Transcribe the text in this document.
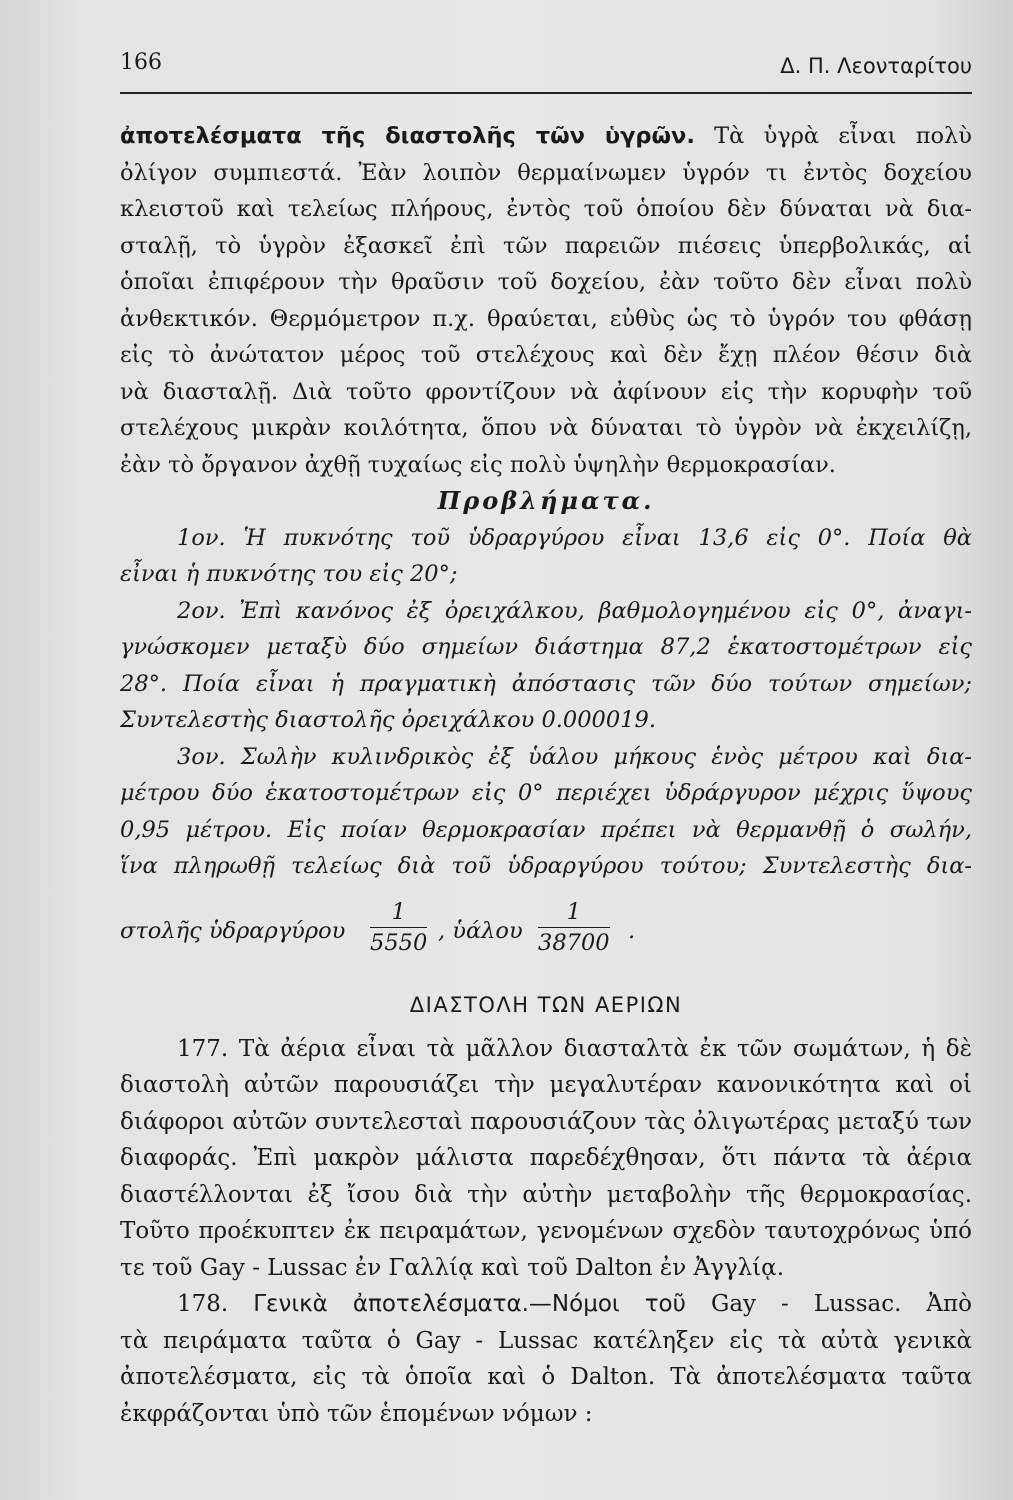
166	Δ. Π. Λεονταρίτου
ἀποτελέσματα τῆς διαστολῆς τῶν ὑγρῶν. Τὰ ὑγρὰ εἶναι πολὺ
ὀλίγον συμπιεστά. Ἐὰν λοιπὸν θερμαίνωμεν ὑγρόν τι ἐντὸς δοχείου
κλειστοῦ καὶ τελείως πλήρους, ἐντὸς τοῦ ὁποίου δὲν δύναται νὰ δια-
σταλῇ, τὸ ὑγρὸν ἐξασκεῖ ἐπὶ τῶν παρειῶν πιέσεις ὑπερβολικάς, αἱ
ὁποῖαι ἐπιφέρουν τὴν θραῦσιν τοῦ δοχείου, ἐὰν τοῦτο δὲν εἶναι πολὺ
ἀνθεκτικόν. Θερμόμετρον π.χ. θραύεται, εὐθὺς ὡς τὸ ὑγρόν του φθάσῃ
εἰς τὸ ἀνώτατον μέρος τοῦ στελέχους καὶ δὲν ἔχῃ πλέον θέσιν διὰ
νὰ διασταλῇ. Διὰ τοῦτο φροντίζουν νὰ ἀφίνουν εἰς τὴν κορυφὴν τοῦ
στελέχους μικρὰν κοιλότητα, ὅπου νὰ δύναται τὸ ὑγρὸν νὰ ἐκχειλίζῃ,
ἐὰν τὸ ὄργανον ἀχθῇ τυχαίως εἰς πολὺ ὑψηλὴν θερμοκρασίαν.
Προβλήματα.
1ον. Ἡ πυκνότης τοῦ ὑδραργύρου εἶναι 13,6 εἰς 0°. Ποία θὰ
εἶναι ἡ πυκνότης του εἰς 20°;
2ον. Ἐπὶ κανόνος ἐξ ὀρειχάλκου, βαθμολογημένου εἰς 0°, ἀναγι-
γνώσκομεν μεταξὺ δύο σημείων διάστημα 87,2 ἑκατοστομέτρων εἰς
28°. Ποία εἶναι ἡ πραγματικὴ ἀπόστασις τῶν δύο τούτων σημείων;
Συντελεστὴς διαστολῆς ὀρειχάλκου 0.000019.
3ον. Σωλὴν κυλινδρικὸς ἐξ ὑάλου μήκους ἑνὸς μέτρου καὶ δια-
μέτρου δύο ἑκατοστομέτρων εἰς 0° περιέχει ὑδράργυρον μέχρις ὕψους
0,95 μέτρου. Εἰς ποίαν θερμοκρασίαν πρέπει νὰ θερμανθῇ ὁ σωλήν,
ἵνα πληρωθῇ τελείως διὰ τοῦ ὑδραργύρου τούτου; Συντελεστὴς δια-
στολῆς ὑδραργύρου $\frac{1}{5550}$ , ὑάλου $\frac{1}{38700}$ .
ΔΙΑΣΤΟΛΗ ΤΩΝ ΑΕΡΙΩΝ
177. Τὰ ἀέρια εἶναι τὰ μᾶλλον διασταλτὰ ἐκ τῶν σωμάτων, ἡ δὲ
διαστολὴ αὐτῶν παρουσιάζει τὴν μεγαλυτέραν κανονικότητα καὶ οἱ
διάφοροι αὐτῶν συντελεσταὶ παρουσιάζουν τὰς ὀλιγωτέρας μεταξύ των
διαφοράς. Ἐπὶ μακρὸν μάλιστα παρεδέχθησαν, ὅτι πάντα τὰ ἀέρια
διαστέλλονται ἐξ ἴσου διὰ τὴν αὐτὴν μεταβολὴν τῆς θερμοκρασίας.
Τοῦτο προέκυπτεν ἐκ πειραμάτων, γενομένων σχεδὸν ταυτοχρόνως ὑπό
τε τοῦ Gay - Lussac ἐν Γαλλίᾳ καὶ τοῦ Dalton ἐν Ἀγγλίᾳ.
178. Γενικὰ ἀποτελέσματα.—Νόμοι τοῦ Gay - Lussac. Ἀπὸ
τὰ πειράματα ταῦτα ὁ Gay - Lussac κατέληξεν εἰς τὰ αὐτὰ γενικὰ
ἀποτελέσματα, εἰς τὰ ὁποῖα καὶ ὁ Dalton. Τὰ ἀποτελέσματα ταῦτα
ἐκφράζονται ὑπὸ τῶν ἑπομένων νόμων :
